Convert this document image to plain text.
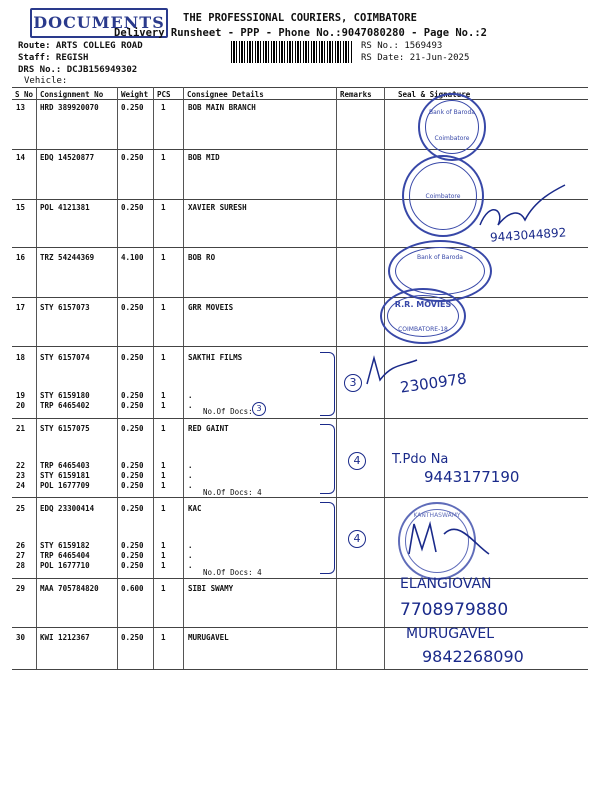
DOCUMENTS THE PROFESSIONAL COURIERS, COIMBATORE
Delivery Runsheet - PPP - Phone No.:9047080280 - Page No.:2
Route: ARTS COLLEG ROAD
Staff: REGISH
DRS No.: DCJB156949302
Vehicle:
RS No.: 1569493
RS Date: 21-Jun-2025
S No Consignment No Weight PCS Consignee Details	Remarks	Seal & Signature
13 HRD 389920070	0.250 1	BOB MAIN BRANCH
14 EDQ 14520877	0.250 1	BOB MID
15 POL 4121381	0.250 1	XAVIER SURESH
16 TRZ 54244369	4.100 1	BOB RO
17 STY 6157073	0.250 1	GRR MOVEIS
18 STY 6157074	0.250 1	SAKTHI FILMS
19 STY 6159180	0.250 1	.
20 TRP 6465402	0.250 1	.
No.Of Docs: 3
21 STY 6157075	0.250 1	RED GAINT
22 TRP 6465403	0.250 1	.
23 STY 6159181	0.250 1	.
24 POL 1677709	0.250 1	.
No.Of Docs: 4
25 EDQ 23300414	0.250 1	KAC
26 STY 6159182	0.250 1	.
27 TRP 6465404	0.250 1	.
28 POL 1677710	0.250 1	.
No.Of Docs: 4
29 MAA 705784820	0.600 1	SIBI SWAMY
30 KWI 1212367	0.250 1	MURUGAVEL
Bank of Baroda
Coimbatore
Coimbatore
Bank of Baroda
R.R. MOVIES
COIMBATORE-18
KANTHASWAMY
3
4
4
9443044892
2300978
T.Pdo Na
9443177190
ELANGIOVAN
7708979880
MURUGAVEL
9842268090
